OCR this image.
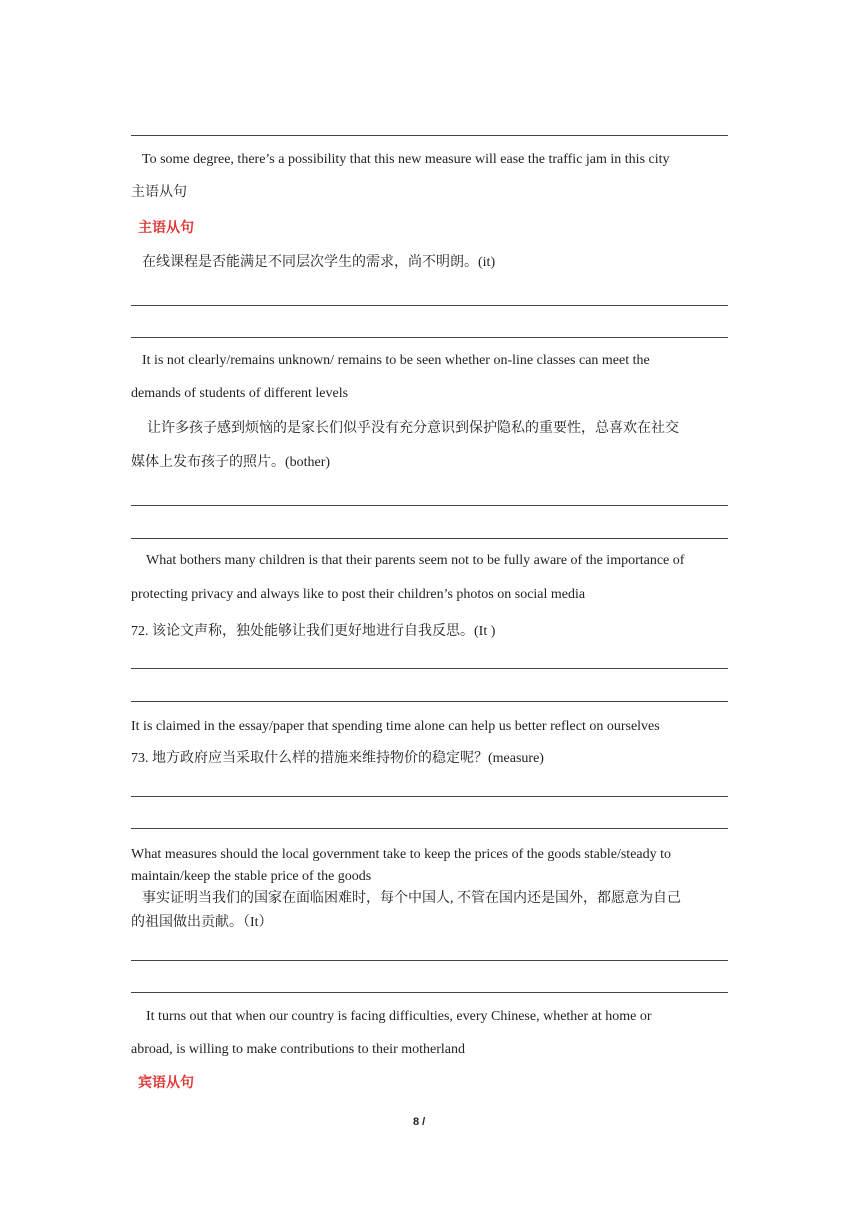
To some degree, there’s a possibility that this new measure will ease the traffic jam in this city
主语从句
主语从句
在线课程是否能满足不同层次学生的需求，尚不明朗。(it)
It is not clearly/remains unknown/ remains to be seen whether on-line classes can meet the
demands of students of different levels
让许多孩子感到烦恼的是家长们似乎没有充分意识到保护隐私的重要性，总喜欢在社交
媒体上发布孩子的照片。(bother)
What bothers many children is that their parents seem not to be fully aware of the importance of
protecting privacy and always like to post their children’s photos on social media
72. 该论文声称，独处能够让我们更好地进行自我反思。(It )
It is claimed in the essay/paper that spending time alone can help us better reflect on ourselves
73. 地方政府应当采取什么样的措施来维持物价的稳定呢？(measure)
What measures should the local government take to keep the prices of the goods stable/steady to
maintain/keep the stable price of the goods
事实证明当我们的国家在面临困难时，每个中国人, 不管在国内还是国外，都愿意为自己
的祖国做出贡献。（It）
It turns out that when our country is facing difficulties, every Chinese, whether at home or
abroad, is willing to make contributions to their motherland
宾语从句
8 /
